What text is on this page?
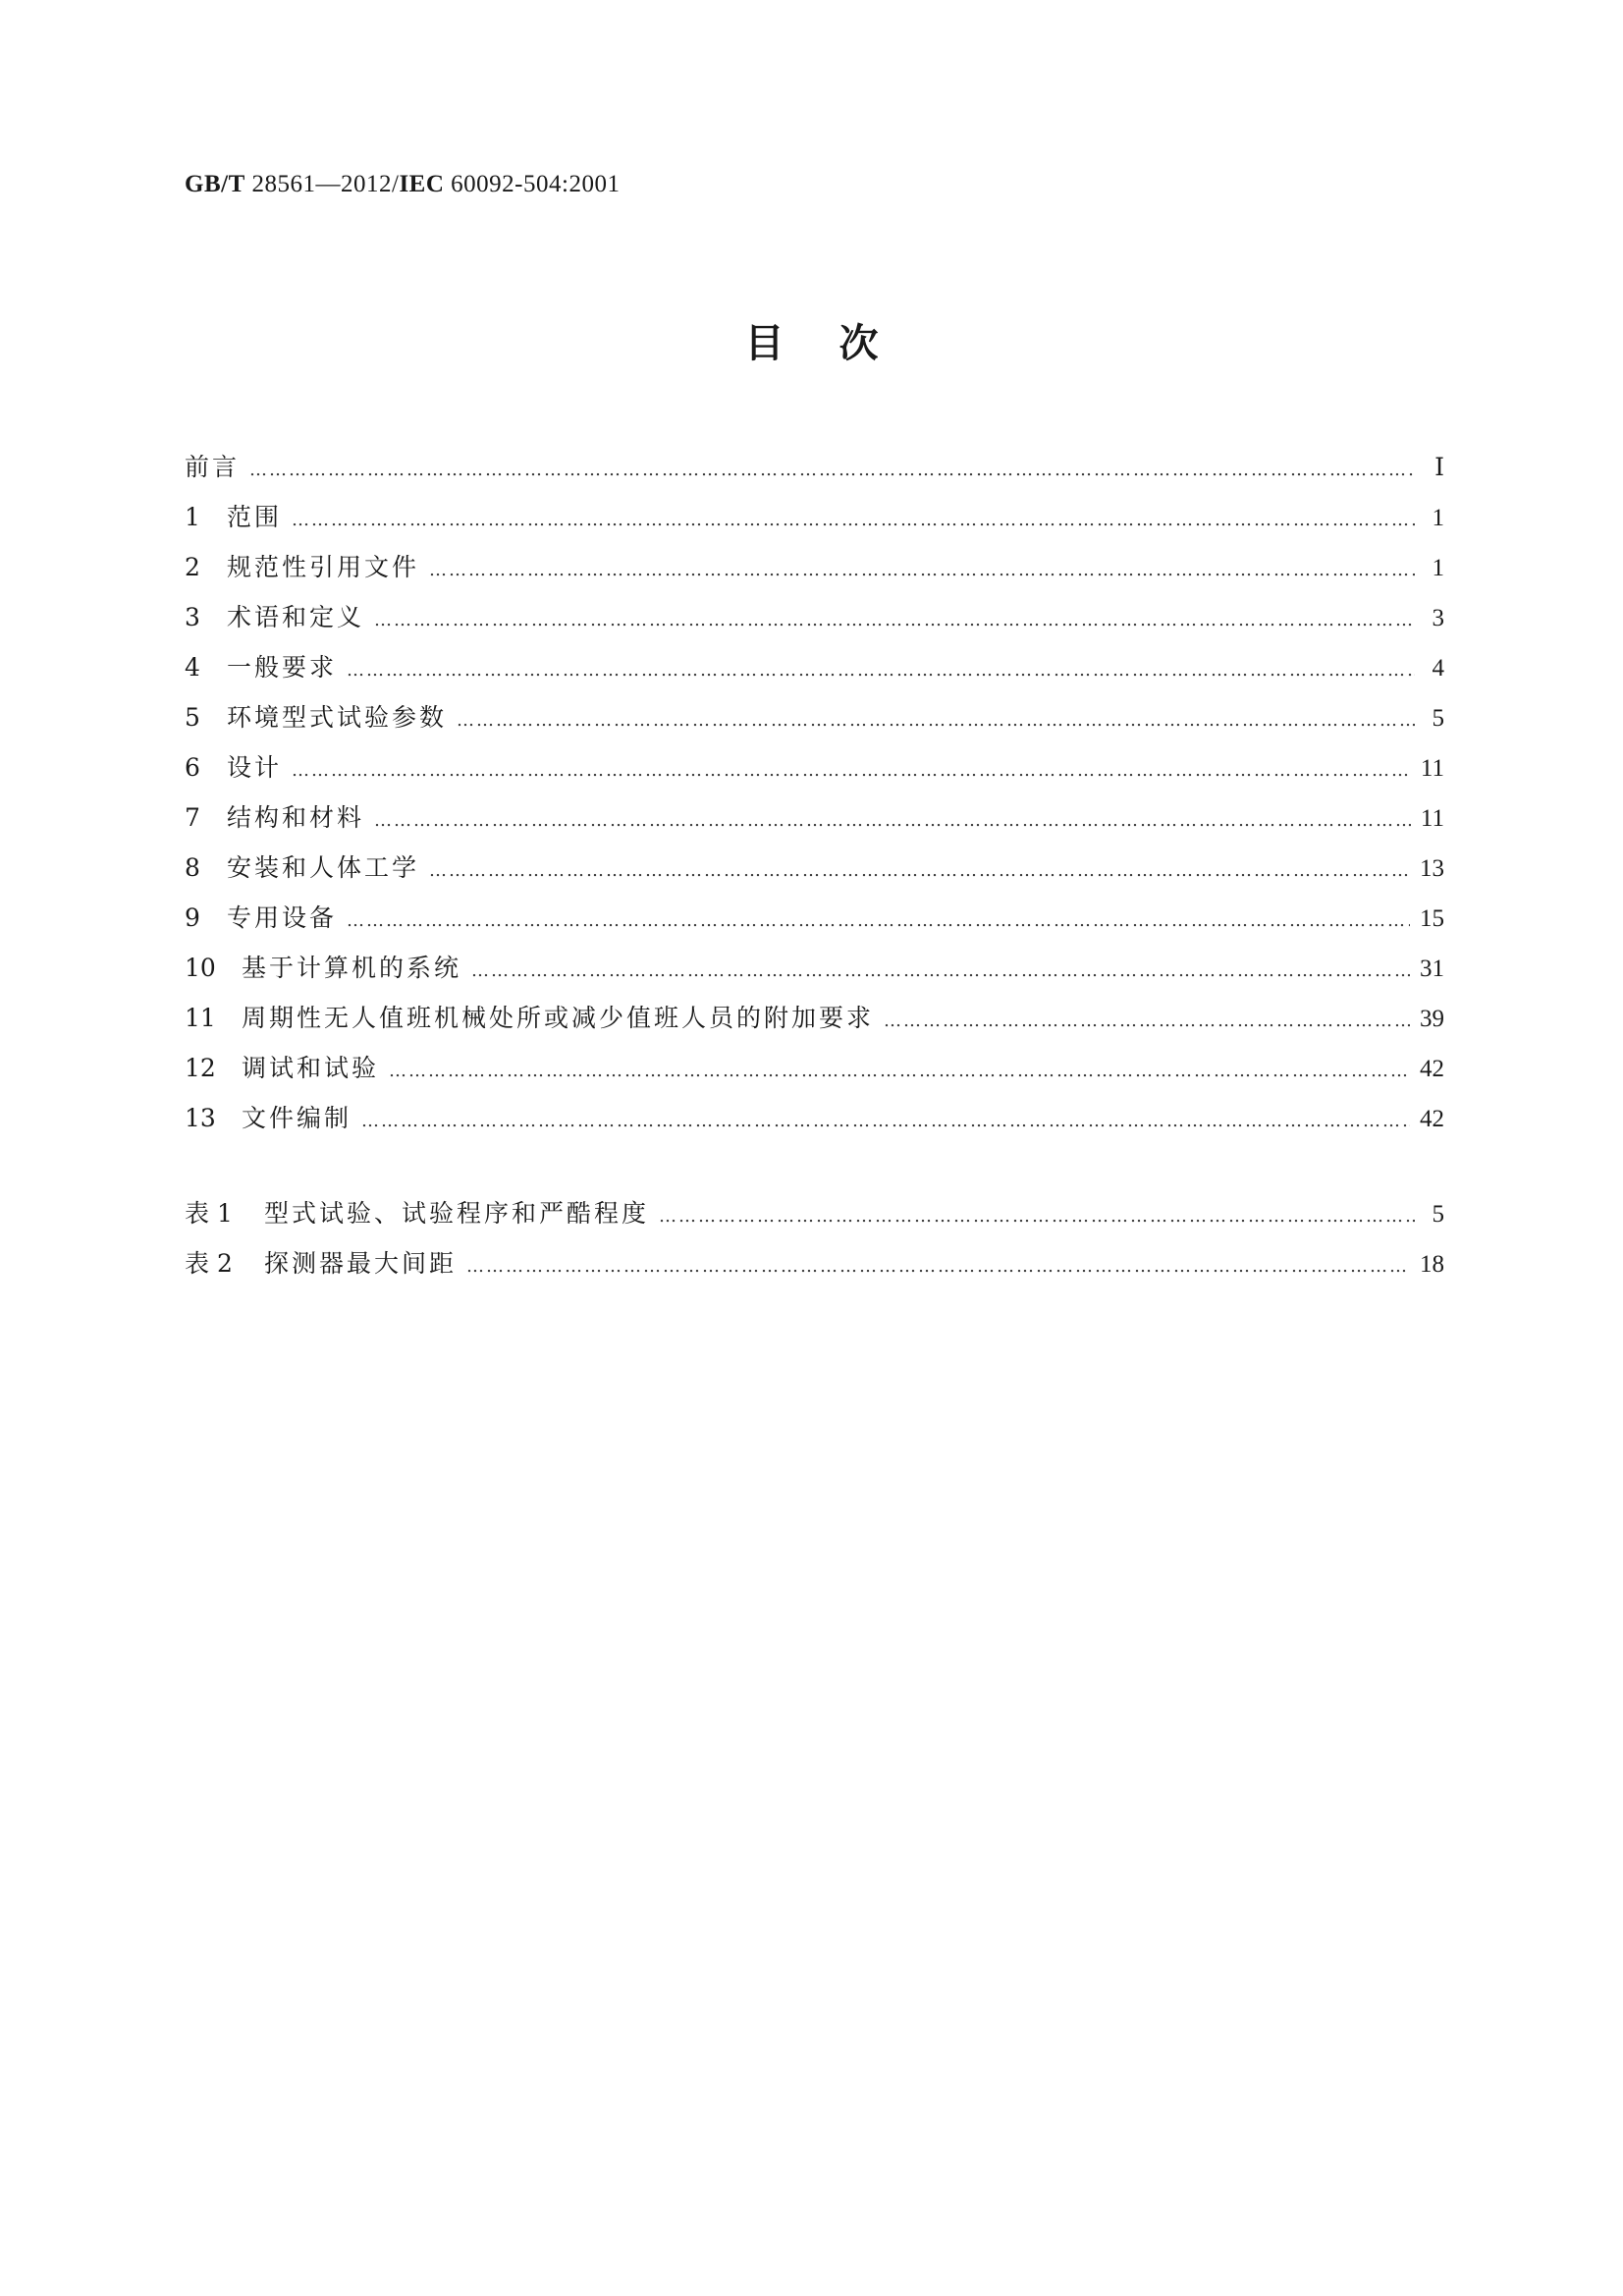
GB/T 28561—2012/IEC 60092-504:2001
目次
前言 ………………………………………………………………………………………………………………………………………………………………………………………………………………………………………	Ⅰ
1	范围 ………………………………………………………………………………………………………………………………………………………………………………………………………………………………………	1
2	规范性引用文件 ………………………………………………………………………………………………………………………………………………………………………………………………………………………………………	1
3	术语和定义 ………………………………………………………………………………………………………………………………………………………………………………………………………………………………………	3
4	一般要求 ………………………………………………………………………………………………………………………………………………………………………………………………………………………………………	4
5	环境型式试验参数 ………………………………………………………………………………………………………………………………………………………………………………………………………………………………………	5
6	设计 ………………………………………………………………………………………………………………………………………………………………………………………………………………………………………	11
7	结构和材料 ………………………………………………………………………………………………………………………………………………………………………………………………………………………………………	11
8	安装和人体工学 ………………………………………………………………………………………………………………………………………………………………………………………………………………………………………	13
9	专用设备 ………………………………………………………………………………………………………………………………………………………………………………………………………………………………………	15
10	基于计算机的系统 ………………………………………………………………………………………………………………………………………………………………………………………………………………………………………	31
11	周期性无人值班机械处所或减少值班人员的附加要求 ………………………………………………………………………………………………………………………………………………………………………………………………………………………………………	39
12	调试和试验 ………………………………………………………………………………………………………………………………………………………………………………………………………………………………………	42
13	文件编制 ………………………………………………………………………………………………………………………………………………………………………………………………………………………………………	42
表 1	型式试验、试验程序和严酷程度 ………………………………………………………………………………………………………………………………………………………………………………………………………………………………………	5
表 2	探测器最大间距 ………………………………………………………………………………………………………………………………………………………………………………………………………………………………………	18
